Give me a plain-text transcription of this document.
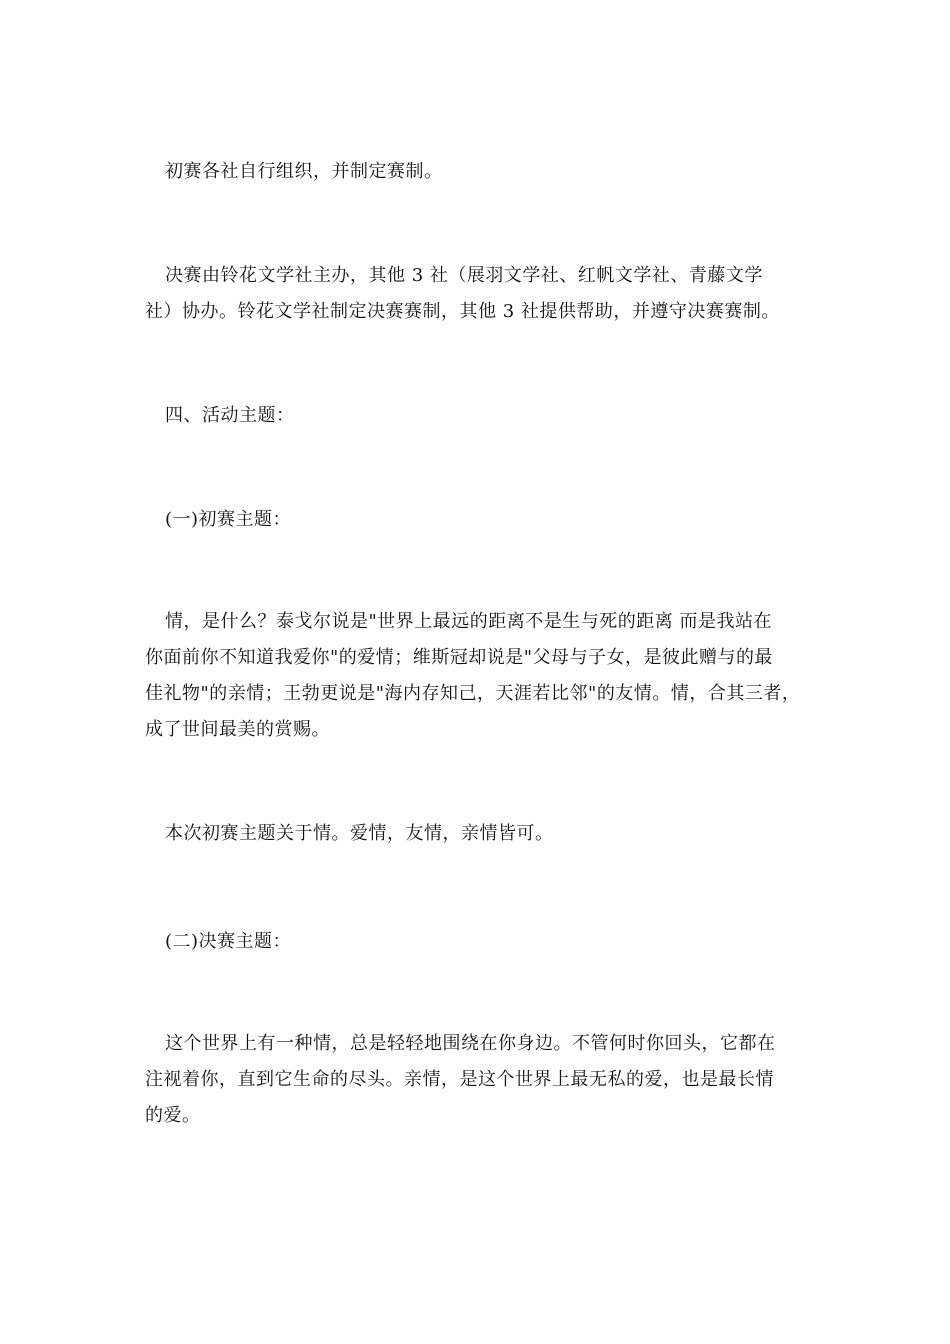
初赛各社自行组织，并制定赛制。

决赛由铃花文学社主办，其他 3 社（展羽文学社、红帆文学社、青藤文学
社）协办。铃花文学社制定决赛赛制，其他 3 社提供帮助，并遵守决赛赛制。

四、活动主题：

(一)初赛主题：

情，是什么？泰戈尔说是"世界上最远的距离不是生与死的距离 而是我站在
你面前你不知道我爱你"的爱情；维斯冠却说是"父母与子女，是彼此赠与的最
佳礼物"的亲情；王勃更说是"海内存知己，天涯若比邻"的友情。情，合其三者，
成了世间最美的赏赐。

本次初赛主题关于情。爱情，友情，亲情皆可。

(二)决赛主题：

这个世界上有一种情，总是轻轻地围绕在你身边。不管何时你回头，它都在
注视着你，直到它生命的尽头。亲情，是这个世界上最无私的爱，也是最长情
的爱。
